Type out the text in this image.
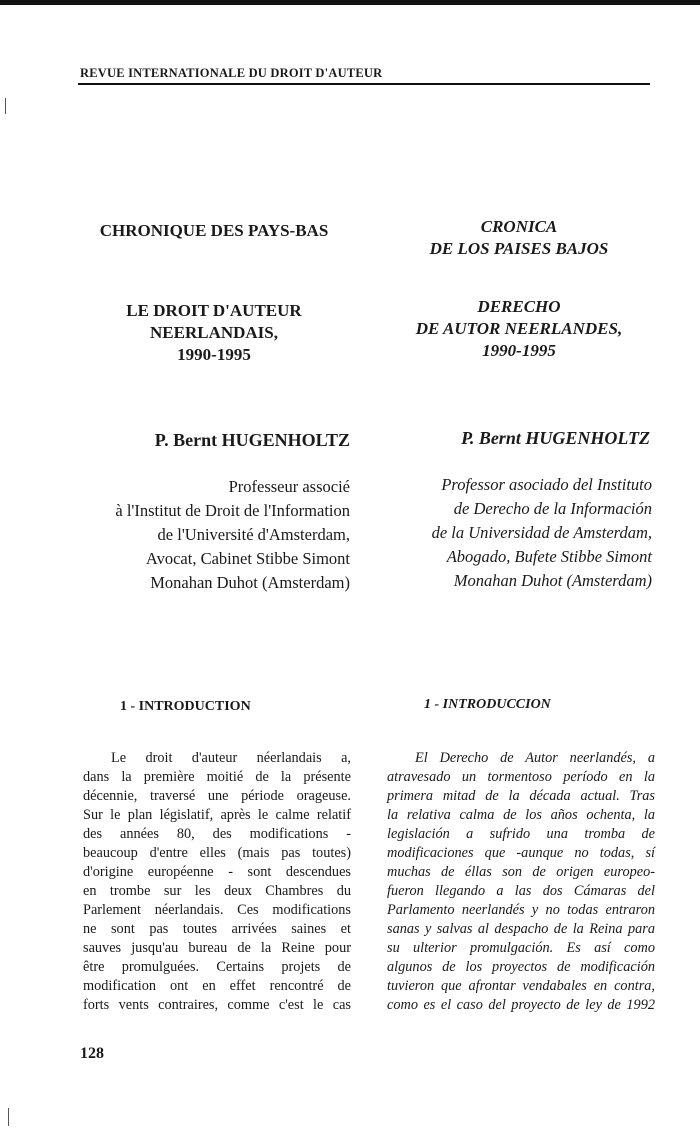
REVUE INTERNATIONALE DU DROIT D'AUTEUR
CHRONIQUE DES PAYS-BAS
LE DROIT D'AUTEUR
NEERLANDAIS,
1990-1995
P. Bernt HUGENHOLTZ
Professeur associé
à l'Institut de Droit de l'Information
de l'Université d'Amsterdam,
Avocat, Cabinet Stibbe Simont
Monahan Duhot (Amsterdam)
1 - INTRODUCTION
Le droit d'auteur néerlandais a,
dans la première moitié de la présente
décennie, traversé une période orageuse.
Sur le plan législatif, après le calme relatif
des années 80, des modifications -
beaucoup d'entre elles (mais pas toutes)
d'origine européenne - sont descendues
en trombe sur les deux Chambres du
Parlement néerlandais. Ces modifications
ne sont pas toutes arrivées saines et
sauves jusqu'au bureau de la Reine pour
être promulguées. Certains projets de
modification ont en effet rencontré de
forts vents contraires, comme c'est le cas
CRONICA
DE LOS PAISES BAJOS
DERECHO
DE AUTOR NEERLANDES,
1990-1995
P. Bernt HUGENHOLTZ
Professor asociado del Instituto
de Derecho de la Información
de la Universidad de Amsterdam,
Abogado, Bufete Stibbe Simont
Monahan Duhot (Amsterdam)
1 - INTRODUCCION
El Derecho de Autor neerlandés, a
atravesado un tormentoso período en la
primera mitad de la década actual. Tras
la relativa calma de los años ochenta, la
legislación a sufrido una tromba de
modificaciones que -aunque no todas, sí
muchas de éllas son de origen europeo-
fueron llegando a las dos Cámaras del
Parlamento neerlandés y no todas entraron
sanas y salvas al despacho de la Reina para
su ulterior promulgación. Es así como
algunos de los proyectos de modificación
tuvieron que afrontar vendabales en contra,
como es el caso del proyecto de ley de 1992
128
